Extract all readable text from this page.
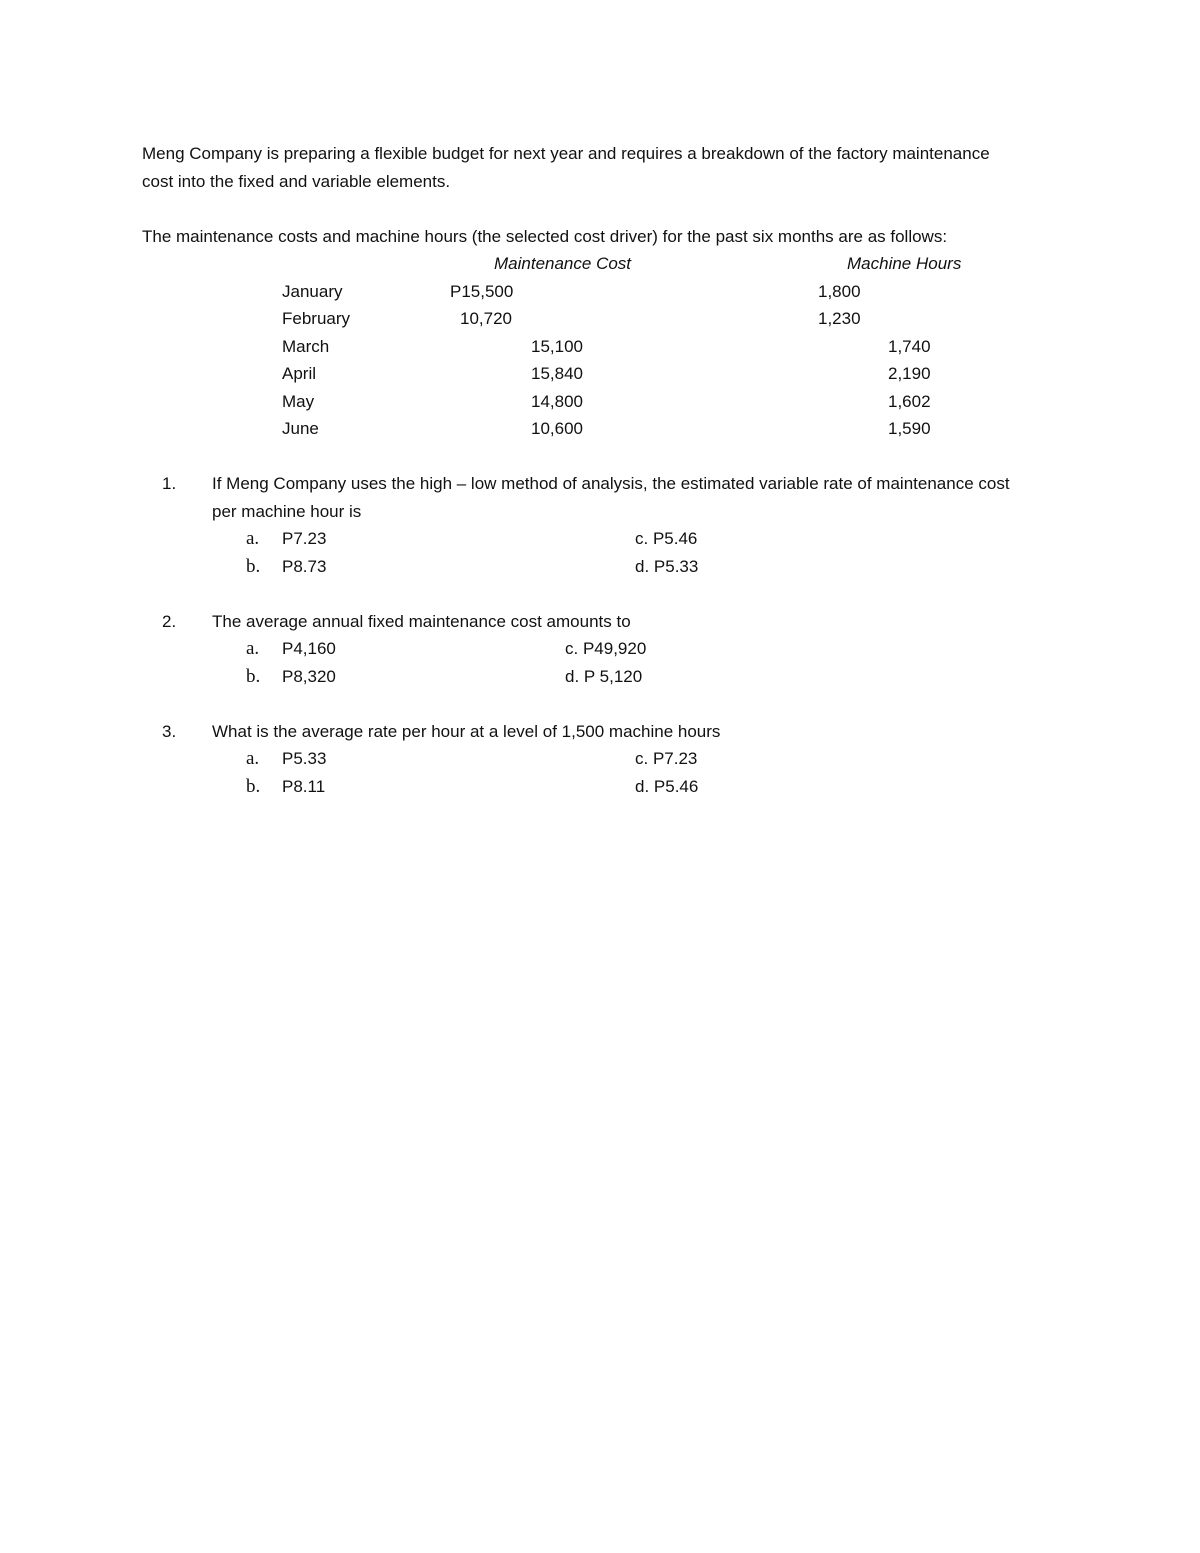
Meng Company is preparing a flexible budget for next year and requires a breakdown of the factory maintenance
cost into the fixed and variable elements.
The maintenance costs and machine hours (the selected cost driver) for the past six months are as follows:
Maintenance Cost	Machine Hours
January	P15,500	1,800
February	10,720	1,230
March	15,100	1,740
April	15,840	2,190
May	14,800	1,602
June	10,600	1,590
1. If Meng Company uses the high – low method of analysis, the estimated variable rate of maintenance cost
per machine hour is
a. P7.23	c. P5.46
b. P8.73	d. P5.33
2. The average annual fixed maintenance cost amounts to
a. P4,160	c. P49,920
b. P8,320	d. P 5,120
3. What is the average rate per hour at a level of 1,500 machine hours
a. P5.33	c. P7.23
b. P8.11	d. P5.46
